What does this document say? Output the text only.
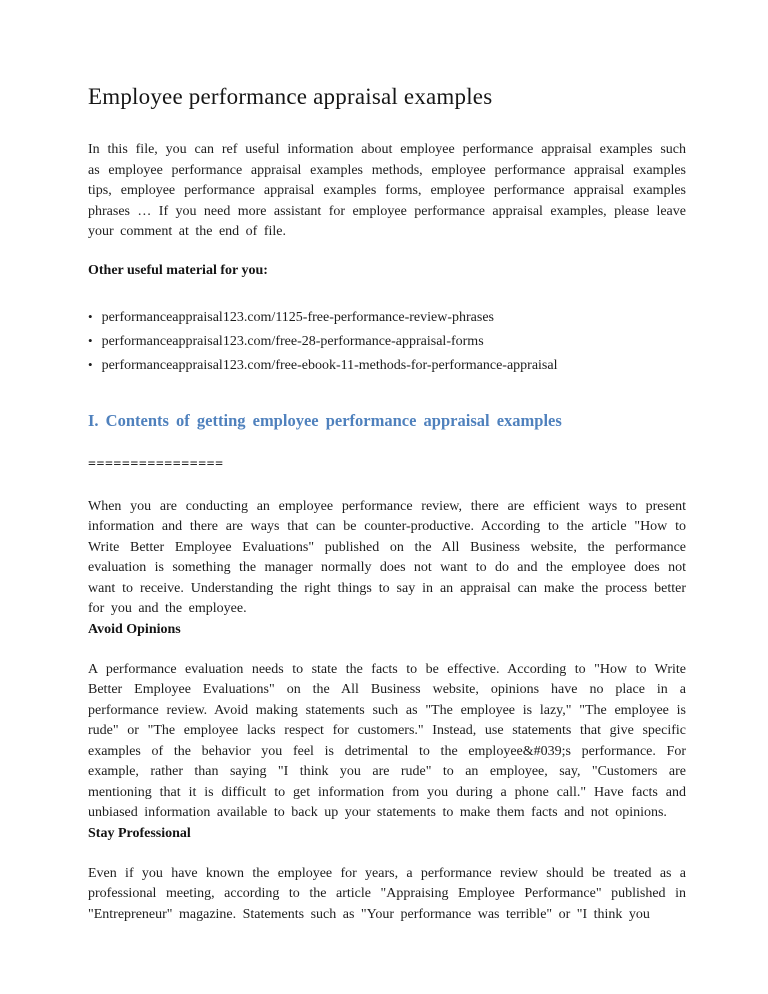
Employee performance appraisal examples

In this file, you can ref useful information about employee performance appraisal examples such as employee performance appraisal examples methods, employee performance appraisal examples tips, employee performance appraisal examples forms, employee performance appraisal examples phrases … If you need more assistant for employee performance appraisal examples, please leave your comment at the end of file.

Other useful material for you:

• performanceappraisal123.com/1125-free-performance-review-phrases
• performanceappraisal123.com/free-28-performance-appraisal-forms
• performanceappraisal123.com/free-ebook-11-methods-for-performance-appraisal
I. Contents of getting employee performance appraisal examples

================

When you are conducting an employee performance review, there are efficient ways to present information and there are ways that can be counter-productive. According to the article "How to Write Better Employee Evaluations" published on the All Business website, the performance evaluation is something the manager normally does not want to do and the employee does not want to receive. Understanding the right things to say in an appraisal can make the process better for you and the employee.

Avoid Opinions

A performance evaluation needs to state the facts to be effective. According to "How to Write Better Employee Evaluations" on the All Business website, opinions have no place in a performance review. Avoid making statements such as "The employee is lazy," "The employee is rude" or "The employee lacks respect for customers." Instead, use statements that give specific examples of the behavior you feel is detrimental to the employee&#039;s performance. For example, rather than saying "I think you are rude" to an employee, say, "Customers are mentioning that it is difficult to get information from you during a phone call." Have facts and unbiased information available to back up your statements to make them facts and not opinions.

Stay Professional

Even if you have known the employee for years, a performance review should be treated as a professional meeting, according to the article "Appraising Employee Performance" published in "Entrepreneur" magazine. Statements such as "Your performance was terrible" or "I think you
